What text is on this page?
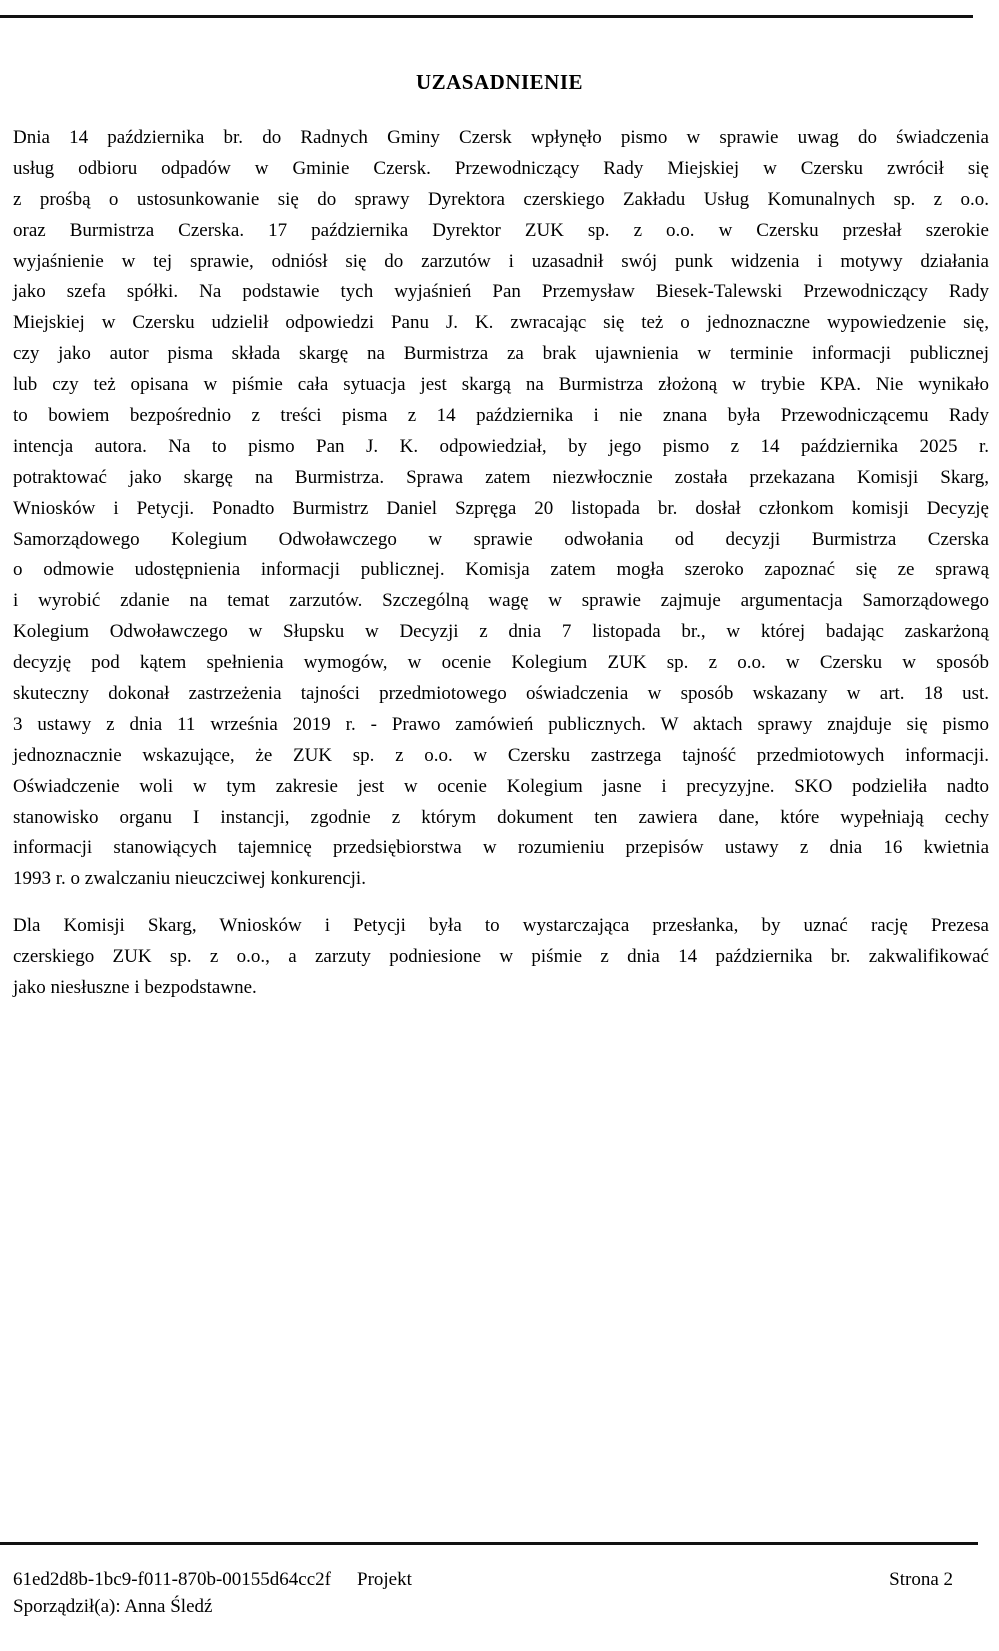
UZASADNIENIE
Dnia 14 października br. do Radnych Gminy Czersk wpłynęło pismo w sprawie uwag do świadczenia
usług odbioru odpadów w Gminie Czersk. Przewodniczący Rady Miejskiej w Czersku zwrócił się
z prośbą o ustosunkowanie się do sprawy Dyrektora czerskiego Zakładu Usług Komunalnych sp. z o.o.
oraz Burmistrza Czerska. 17 października Dyrektor ZUK sp. z o.o. w Czersku przesłał szerokie
wyjaśnienie w tej sprawie, odniósł się do zarzutów i uzasadnił swój punk widzenia i motywy działania
jako szefa spółki. Na podstawie tych wyjaśnień Pan Przemysław Biesek-Talewski Przewodniczący Rady
Miejskiej w Czersku udzielił odpowiedzi Panu J. K. zwracając się też o jednoznaczne wypowiedzenie się,
czy jako autor pisma składa skargę na Burmistrza za brak ujawnienia w terminie informacji publicznej
lub czy też opisana w piśmie cała sytuacja jest skargą na Burmistrza złożoną w trybie KPA. Nie wynikało
to bowiem bezpośrednio z treści pisma z 14 października i nie znana była Przewodniczącemu Rady
intencja autora. Na to pismo Pan J. K. odpowiedział, by jego pismo z 14 października 2025 r.
potraktować jako skargę na Burmistrza. Sprawa zatem niezwłocznie została przekazana Komisji Skarg,
Wniosków i Petycji. Ponadto Burmistrz Daniel Szpręga 20 listopada br. dosłał członkom komisji Decyzję
Samorządowego Kolegium Odwoławczego w sprawie odwołania od decyzji Burmistrza Czerska
o odmowie udostępnienia informacji publicznej. Komisja zatem mogła szeroko zapoznać się ze sprawą
i wyrobić zdanie na temat zarzutów. Szczególną wagę w sprawie zajmuje argumentacja Samorządowego
Kolegium Odwoławczego w Słupsku w Decyzji z dnia 7 listopada br., w której badając zaskarżoną
decyzję pod kątem spełnienia wymogów, w ocenie Kolegium ZUK sp. z o.o. w Czersku w sposób
skuteczny dokonał zastrzeżenia tajności przedmiotowego oświadczenia w sposób wskazany w art. 18 ust.
3 ustawy z dnia 11 września 2019 r. - Prawo zamówień publicznych. W aktach sprawy znajduje się pismo
jednoznacznie wskazujące, że ZUK sp. z o.o. w Czersku zastrzega tajność przedmiotowych informacji.
Oświadczenie woli w tym zakresie jest w ocenie Kolegium jasne i precyzyjne. SKO podzieliła nadto
stanowisko organu I instancji, zgodnie z którym dokument ten zawiera dane, które wypełniają cechy
informacji stanowiących tajemnicę przedsiębiorstwa w rozumieniu przepisów ustawy z dnia 16 kwietnia
1993 r. o zwalczaniu nieuczciwej konkurencji.
Dla Komisji Skarg, Wniosków i Petycji była to wystarczająca przesłanka, by uznać rację Prezesa
czerskiego ZUK sp. z o.o., a zarzuty podniesione w piśmie z dnia 14 października br. zakwalifikować
jako niesłuszne i bezpodstawne.
61ed2d8b-1bc9-f011-870b-00155d64cc2f Projekt	Strona 2
Sporządził(a): Anna Śledź
